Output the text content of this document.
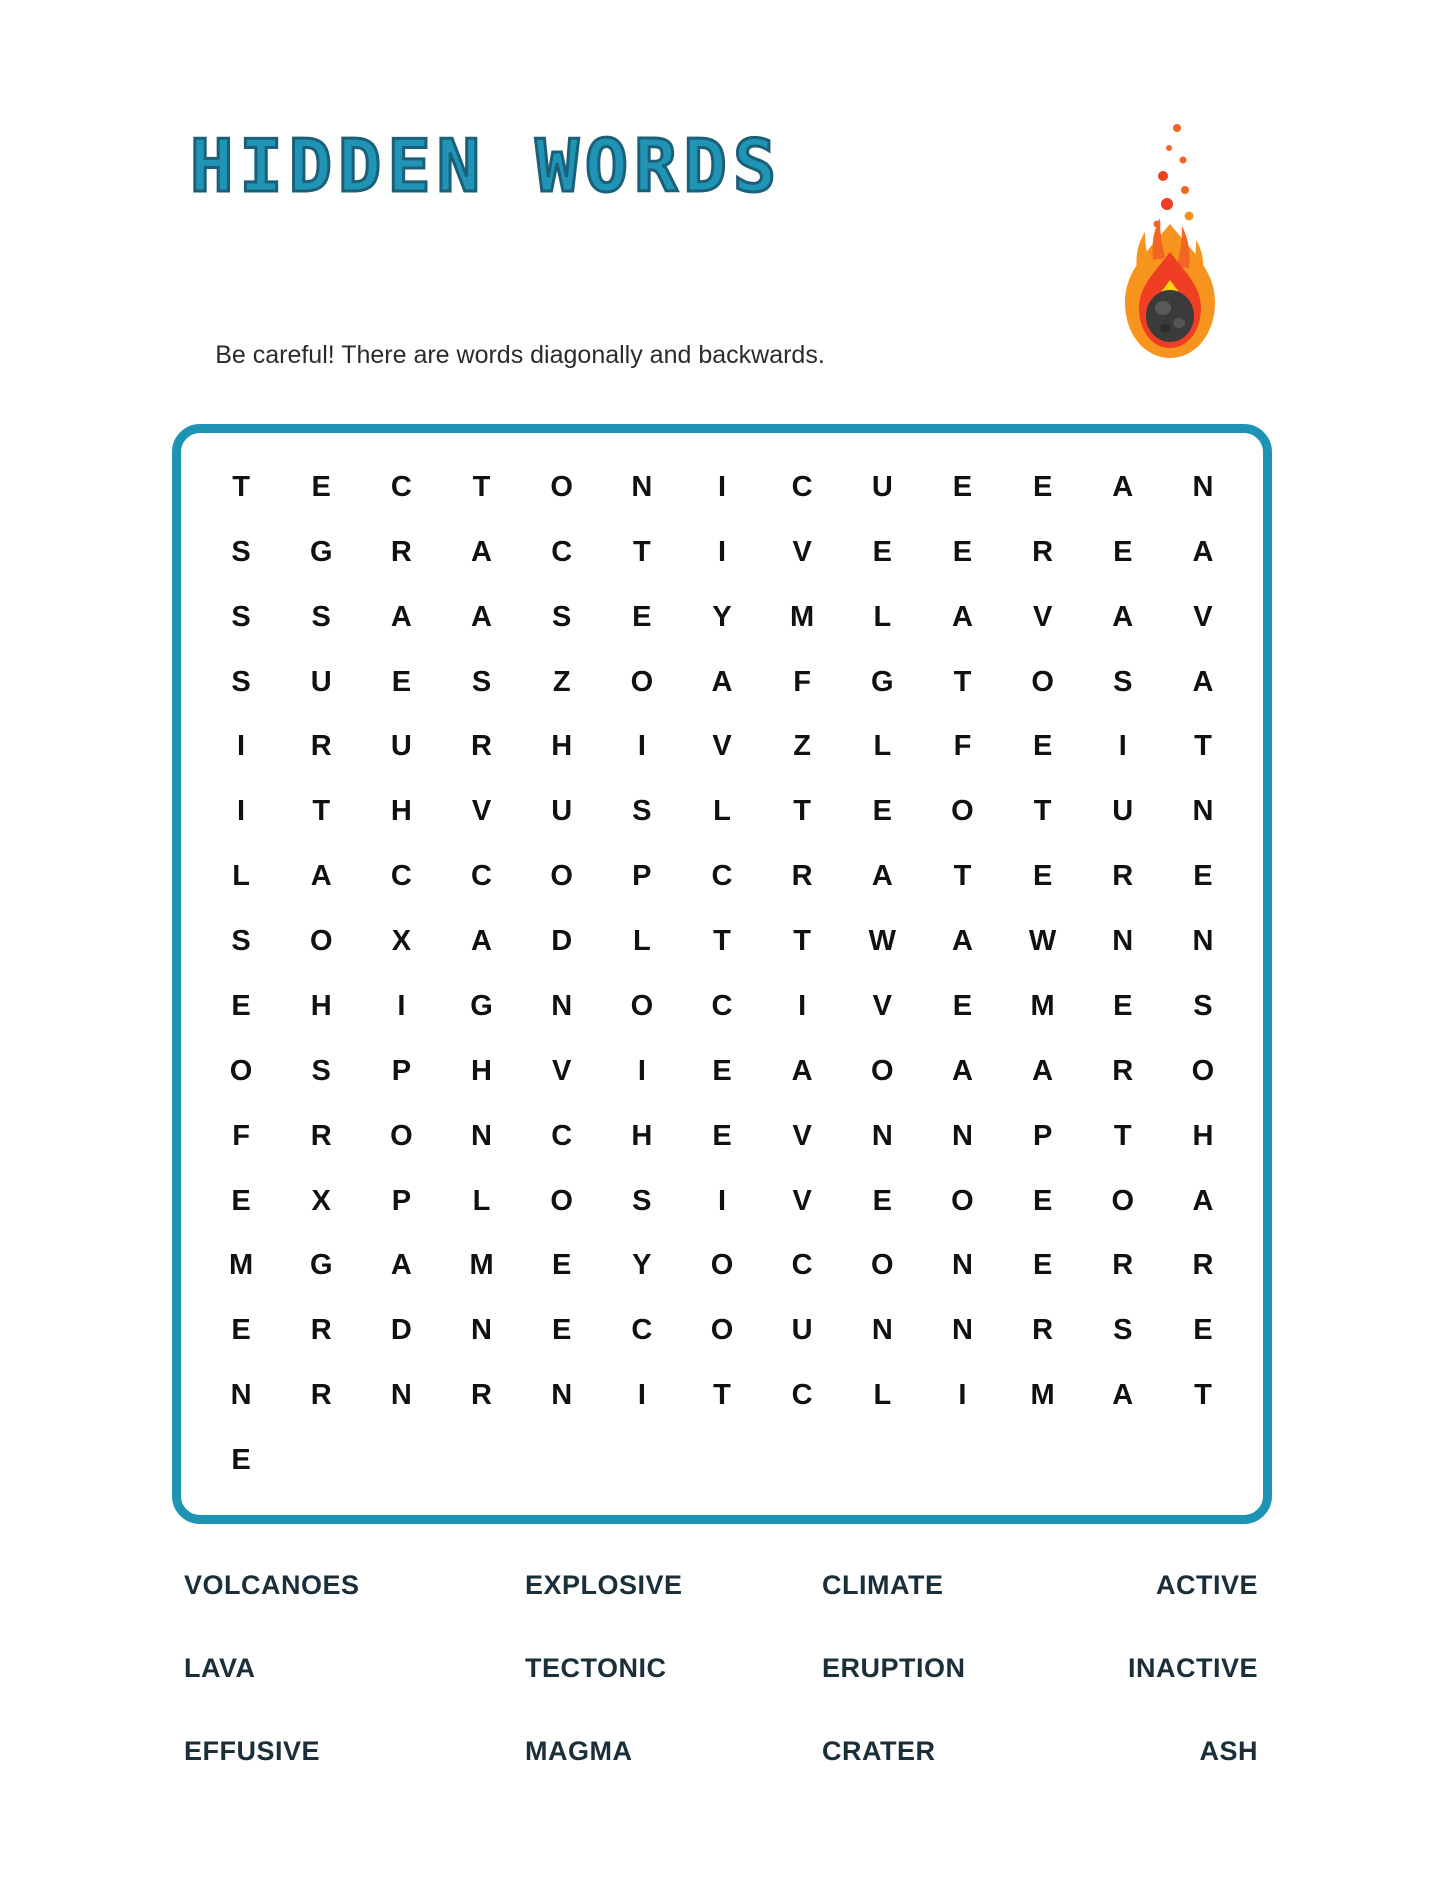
HIDDEN WORDS
Be careful! There are words diagonally and backwards.
T E C T O N I C U E E A N
S G R A C T I V E E R E A
S S A A S E Y M L A V A V
S U E S Z O A F G T O S A
I R U R H I V Z L F E I T
I T H V U S L T E O T U N
L A C C O P C R A T E R E
S O X A D L T T W A W N N
E H I G N O C I V E M E S
O S P H V I E A O A A R O
F R O N C H E V N N P T H
E X P L O S I V E O E O A
M G A M E Y O C O N E R R
E R D N E C O U N N R S E
N R N R N I T C L I M A T
E
VOLCANOES	EXPLOSIVE	CLIMATE	ACTIVE
LAVA	TECTONIC	ERUPTION	INACTIVE
EFFUSIVE	MAGMA	CRATER	ASH
